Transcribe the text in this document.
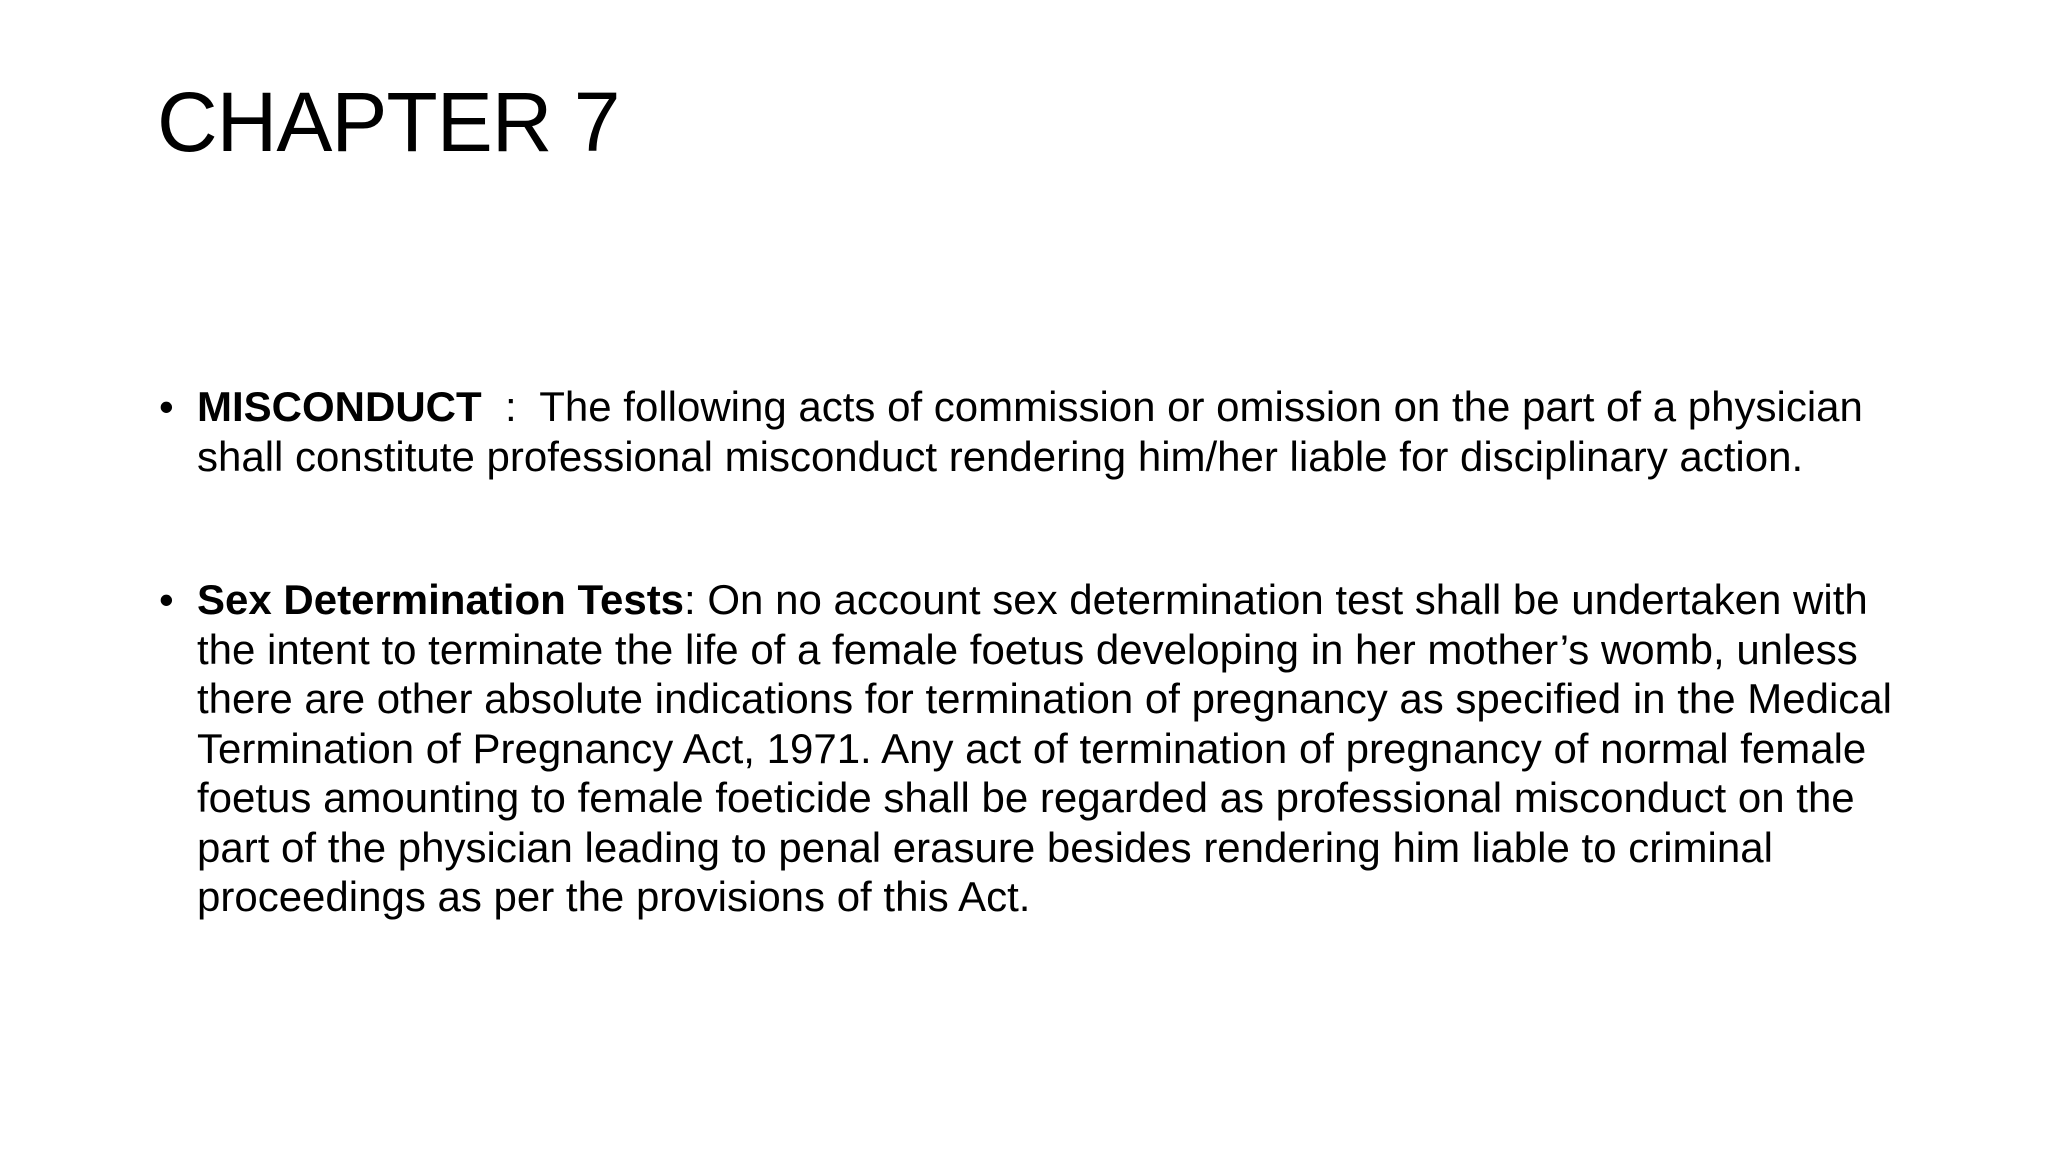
CHAPTER 7
• MISCONDUCT  :  The following acts of commission or omission on the part of a physician shall constitute professional misconduct rendering him/her liable for disciplinary action.
• Sex Determination Tests: On no account sex determination test shall be undertaken with the intent to terminate the life of a female foetus developing in her mother’s womb, unless there are other absolute indications for termination of pregnancy as specified in the Medical Termination of Pregnancy Act, 1971. Any act of termination of pregnancy of normal female foetus amounting to female foeticide shall be regarded as professional misconduct on the part of the physician leading to penal erasure besides rendering him liable to criminal proceedings as per the provisions of this Act.
